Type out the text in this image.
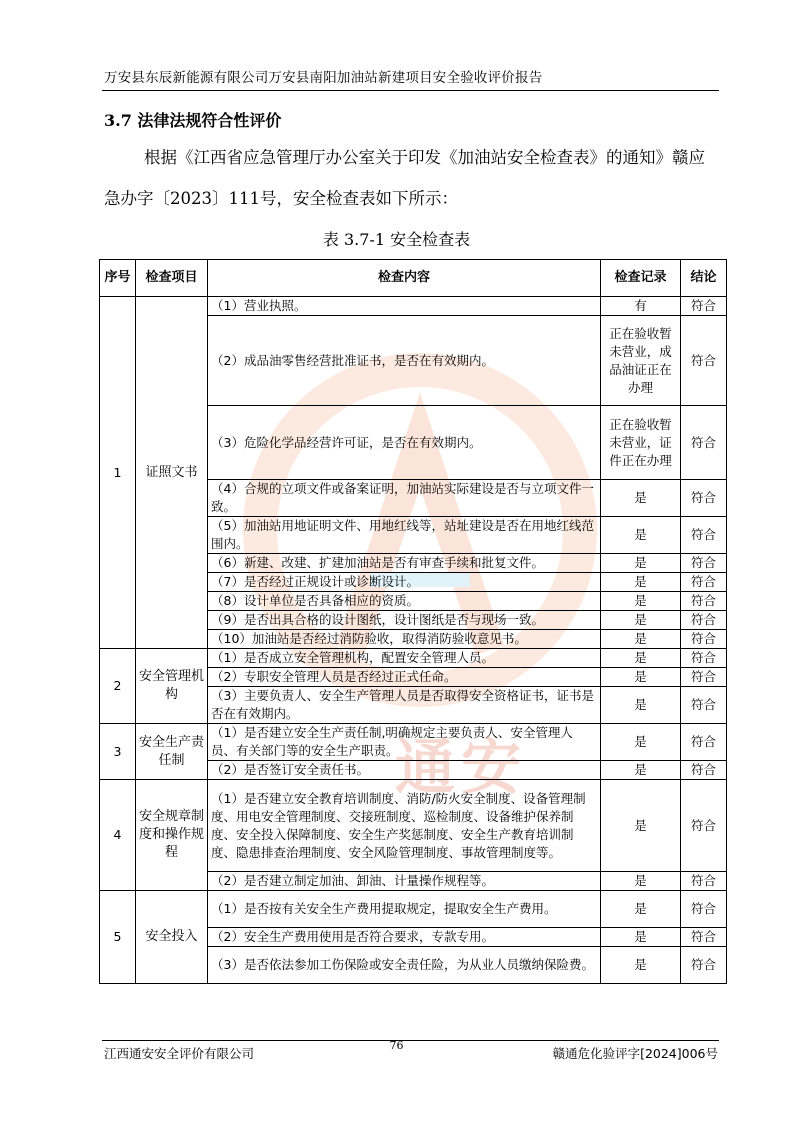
万安县东辰新能源有限公司万安县南阳加油站新建项目安全验收评价报告
3.7 法律法规符合性评价
根据《江西省应急管理厅办公室关于印发《加油站安全检查表》的通知》赣应急办字〔2023〕111号，安全检查表如下所示：
表 3.7-1 安全检查表
通安
序号	检查项目	检查内容	检查记录	结论
1	证照文书	（1）营业执照。	有	符合
		（2）成品油零售经营批准证书，是否在有效期内。	正在验收暂未营业，成品油证正在办理	符合
		（3）危险化学品经营许可证，是否在有效期内。	正在验收暂未营业，证件正在办理	符合
		（4）合规的立项文件或备案证明，加油站实际建设是否与立项文件一致。	是	符合
		（5）加油站用地证明文件、用地红线等，站址建设是否在用地红线范围内。	是	符合
		（6）新建、改建、扩建加油站是否有审查手续和批复文件。	是	符合
		（7）是否经过正规设计或诊断设计。	是	符合
		（8）设计单位是否具备相应的资质。	是	符合
		（9）是否出具合格的设计图纸，设计图纸是否与现场一致。	是	符合
		（10）加油站是否经过消防验收，取得消防验收意见书。	是	符合
2	安全管理机构	（1）是否成立安全管理机构，配置安全管理人员。	是	符合
		（2）专职安全管理人员是否经过正式任命。	是	符合
		（3）主要负责人、安全生产管理人员是否取得安全资格证书，证书是否在有效期内。	是	符合
3	安全生产责任制	（1）是否建立安全生产责任制,明确规定主要负责人、安全管理人员、有关部门等的安全生产职责。	是	符合
		（2）是否签订安全责任书。	是	符合
4	安全规章制度和操作规程	（1）是否建立安全教育培训制度、消防/防火安全制度、设备管理制度、用电安全管理制度、交接班制度、巡检制度、设备维护保养制度、安全投入保障制度、安全生产奖惩制度、安全生产教育培训制度、隐患排查治理制度、安全风险管理制度、事故管理制度等。	是	符合
		（2）是否建立制定加油、卸油、计量操作规程等。	是	符合
5	安全投入	（1）是否按有关安全生产费用提取规定，提取安全生产费用。	是	符合
		（2）安全生产费用使用是否符合要求，专款专用。	是	符合
		（3）是否依法参加工伤保险或安全责任险，为从业人员缴纳保险费。	是	符合
江西通安安全评价有限公司
76
赣通危化验评字[2024]006号
